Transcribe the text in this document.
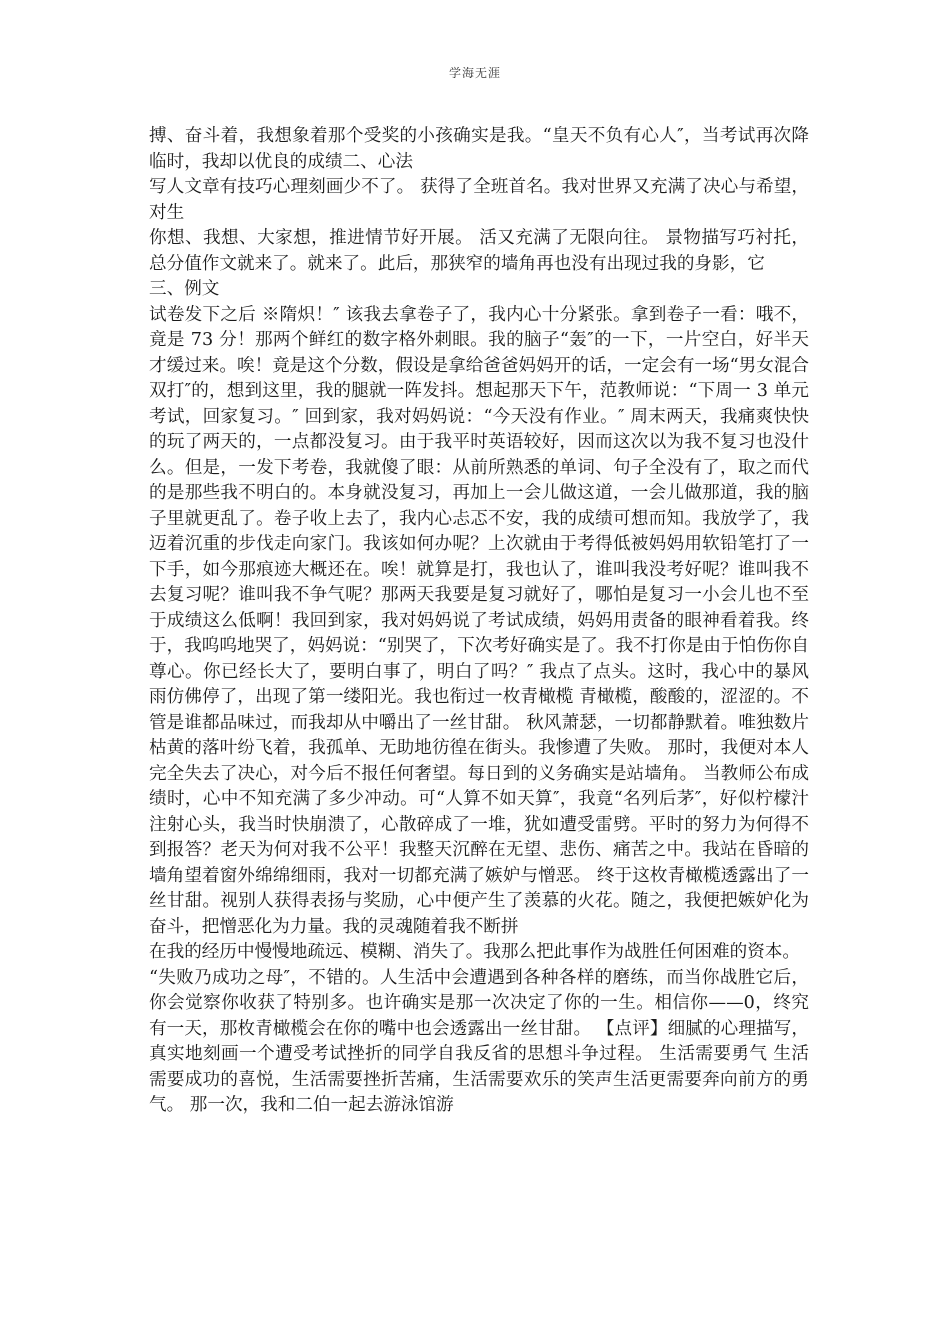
学海无涯

搏、奋斗着，我想象着那个受奖的小孩确实是我。“皇天不负有心人″，当考试再次降临时，我却以优良的成绩二、心法

写人文章有技巧心理刻画少不了。 获得了全班首名。我对世界又充满了决心与希望，对生

你想、我想、大家想，推进情节好开展。 活又充满了无限向往。 景物描写巧衬托， 总分值作文就来了。就来了。此后，那狭窄的墙角再也没有出现过我的身影，它

三、例文

试卷发下之后 ※隋炽！″ 该我去拿卷子了，我内心十分紧张。拿到卷子一看：哦不，竟是 73 分！那两个鲜红的数字格外刺眼。我的脑子“轰″的一下，一片空白，好半天才缓过来。唉！竟是这个分数，假设是拿给爸爸妈妈开的话，一定会有一场“男女混合双打″的，想到这里，我的腿就一阵发抖。想起那天下午，范教师说：“下周一 3 单元考试，回家复习。″ 回到家，我对妈妈说：“今天没有作业。″ 周末两天，我痛爽快快的玩了两天的，一点都没复习。由于我平时英语较好，因而这次以为我不复习也没什么。但是，一发下考卷，我就傻了眼：从前所熟悉的单词、句子全没有了，取之而代的是那些我不明白的。本身就没复习，再加上一会儿做这道，一会儿做那道，我的脑子里就更乱了。卷子收上去了，我内心忐忑不安，我的成绩可想而知。我放学了，我迈着沉重的步伐走向家门。我该如何办呢？上次就由于考得低被妈妈用软铅笔打了一下手，如今那痕迹大概还在。唉！就算是打，我也认了，谁叫我没考好呢？谁叫我不去复习呢？谁叫我不争气呢？那两天我要是复习就好了，哪怕是复习一小会儿也不至于成绩这么低啊！我回到家，我对妈妈说了考试成绩，妈妈用责备的眼神看着我。终于，我呜呜地哭了，妈妈说：“别哭了，下次考好确实是了。我不打你是由于怕伤你自尊心。你已经长大了，要明白事了，明白了吗？″ 我点了点头。这时，我心中的暴风雨仿佛停了，出现了第一缕阳光。我也衔过一枚青橄榄 青橄榄，酸酸的，涩涩的。不管是谁都品味过，而我却从中嚼出了一丝甘甜。 秋风萧瑟，一切都静默着。唯独数片枯黄的落叶纷飞着，我孤单、无助地彷徨在街头。我惨遭了失败。 那时，我便对本人完全失去了决心，对今后不报任何奢望。每日到的义务确实是站墙角。 当教师公布成绩时，心中不知充满了多少冲动。可“人算不如天算″，我竟“名列后茅″，好似柠檬汁注射心头，我当时快崩溃了，心散碎成了一堆，犹如遭受雷劈。平时的努力为何得不到报答？老天为何对我不公平！我整天沉醉在无望、悲伤、痛苦之中。我站在昏暗的墙角望着窗外绵绵细雨，我对一切都充满了嫉妒与憎恶。 终于这枚青橄榄透露出了一丝甘甜。视别人获得表扬与奖励，心中便产生了羡慕的火花。随之，我便把嫉妒化为奋斗，把憎恶化为力量。我的灵魂随着我不断拼

在我的经历中慢慢地疏远、模糊、消失了。我那么把此事作为战胜任何困难的资本。

“失败乃成功之母″，不错的。人生活中会遭遇到各种各样的磨练，而当你战胜它后，你会觉察你收获了特别多。也许确实是那一次决定了你的一生。相信你——0，终究有一天，那枚青橄榄会在你的嘴中也会透露出一丝甘甜。 【点评】细腻的心理描写，真实地刻画一个遭受考试挫折的同学自我反省的思想斗争过程。 生活需要勇气 生活需要成功的喜悦，生活需要挫折苦痛，生活需要欢乐的笑声生活更需要奔向前方的勇气。 那一次，我和二伯一起去游泳馆游
